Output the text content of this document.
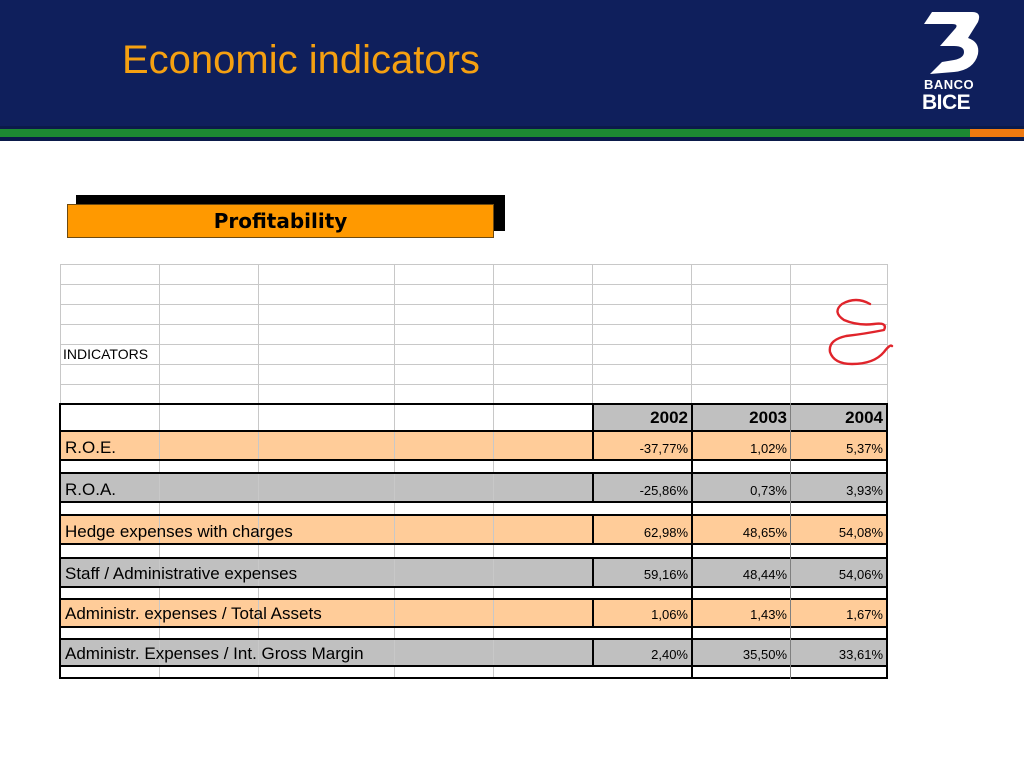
Economic indicators
BANCO
BICE
Profitability
INDICATORS
2002	2003	2004
R.O.E.	-37,77%	1,02%	5,37%
R.O.A.	-25,86%	0,73%	3,93%
Hedge expenses with charges	62,98%	48,65%	54,08%
Staff / Administrative expenses	59,16%	48,44%	54,06%
Administr. expenses / Total Assets	1,06%	1,43%	1,67%
Administr. Expenses / Int. Gross Margin	2,40%	35,50%	33,61%
